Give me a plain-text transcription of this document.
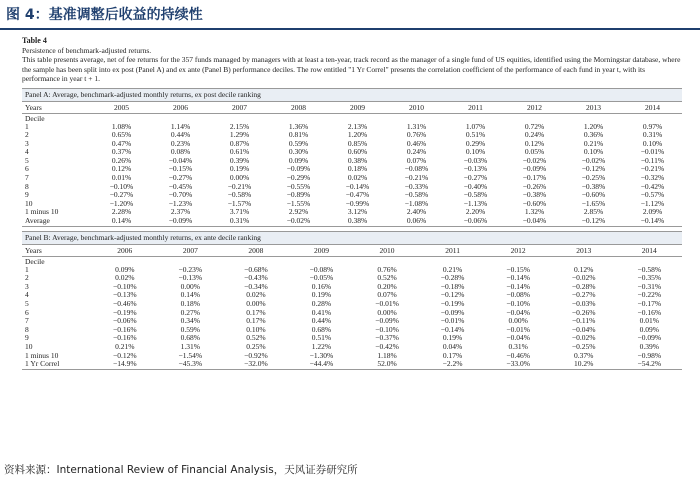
图 4：基准调整后收益的持续性
Table 4
Persistence of benchmark-adjusted returns.
This table presents average, net of fee returns for the 357 funds managed by managers with at least a ten-year, track record as the manager of a single fund of US equities, identified using the Morningstar database, where the sample has been split into ex post (Panel A) and ex ante (Panel B) performance deciles. The row entitled "1 Yr Correl" presents the correlation coefficient of the performance of each fund in year t, with its performance in year t + 1.
Panel A: Average, benchmark-adjusted monthly returns, ex post decile ranking
Years	2005	2006	2007	2008	2009	2010	2011	2012	2013	2014
Decile
1	1.08%	1.14%	2.15%	1.36%	2.13%	1.31%	1.07%	0.72%	1.20%	0.97%
2	0.65%	0.44%	1.29%	0.81%	1.20%	0.76%	0.51%	0.24%	0.36%	0.31%
3	0.47%	0.23%	0.87%	0.59%	0.85%	0.46%	0.29%	0.12%	0.21%	0.10%
4	0.37%	0.08%	0.61%	0.30%	0.60%	0.24%	0.10%	0.05%	0.10%	−0.01%
5	0.26%	−0.04%	0.39%	0.09%	0.38%	0.07%	−0.03%	−0.02%	−0.02%	−0.11%
6	0.12%	−0.15%	0.19%	−0.09%	0.18%	−0.08%	−0.13%	−0.09%	−0.12%	−0.21%
7	0.01%	−0.27%	0.00%	−0.29%	0.02%	−0.21%	−0.27%	−0.17%	−0.25%	−0.32%
8	−0.10%	−0.45%	−0.21%	−0.55%	−0.14%	−0.33%	−0.40%	−0.26%	−0.38%	−0.42%
9	−0.27%	−0.70%	−0.58%	−0.89%	−0.47%	−0.58%	−0.58%	−0.38%	−0.60%	−0.57%
10	−1.20%	−1.23%	−1.57%	−1.55%	−0.99%	−1.08%	−1.13%	−0.60%	−1.65%	−1.12%
1 minus 10	2.28%	2.37%	3.71%	2.92%	3.12%	2.40%	2.20%	1.32%	2.85%	2.09%
Average	0.14%	−0.09%	0.31%	−0.02%	0.38%	0.06%	−0.06%	−0.04%	−0.12%	−0.14%
Panel B: Average, benchmark-adjusted monthly returns, ex ante decile ranking
Years	2006	2007	2008	2009	2010	2011	2012	2013	2014
Decile
1	0.09%	−0.23%	−0.68%	−0.08%	0.76%	0.21%	−0.15%	0.12%	−0.58%
2	0.02%	−0.13%	−0.43%	−0.05%	0.52%	−0.28%	−0.14%	−0.02%	−0.35%
3	−0.10%	0.00%	−0.34%	0.16%	0.20%	−0.18%	−0.14%	−0.28%	−0.31%
4	−0.13%	0.14%	0.02%	0.19%	0.07%	−0.12%	−0.08%	−0.27%	−0.22%
5	−0.46%	0.18%	0.00%	0.28%	−0.01%	−0.19%	−0.10%	−0.03%	−0.17%
6	−0.19%	0.27%	0.17%	0.41%	0.00%	−0.09%	−0.04%	−0.26%	−0.16%
7	−0.06%	0.34%	0.17%	0.44%	−0.09%	−0.01%	0.00%	−0.11%	0.01%
8	−0.16%	0.59%	0.10%	0.68%	−0.10%	−0.14%	−0.01%	−0.04%	0.09%
9	−0.16%	0.68%	0.52%	0.51%	−0.37%	0.19%	−0.04%	−0.02%	−0.09%
10	0.21%	1.31%	0.25%	1.22%	−0.42%	0.04%	0.31%	−0.25%	0.39%
1 minus 10	−0.12%	−1.54%	−0.92%	−1.30%	1.18%	0.17%	−0.46%	0.37%	−0.98%
1 Yr Correl	−14.9%	−45.3%	−32.0%	−44.4%	52.0%	−2.2%	−33.0%	10.2%	−54.2%
资料来源：International Review of Financial Analysis，天风证券研究所
